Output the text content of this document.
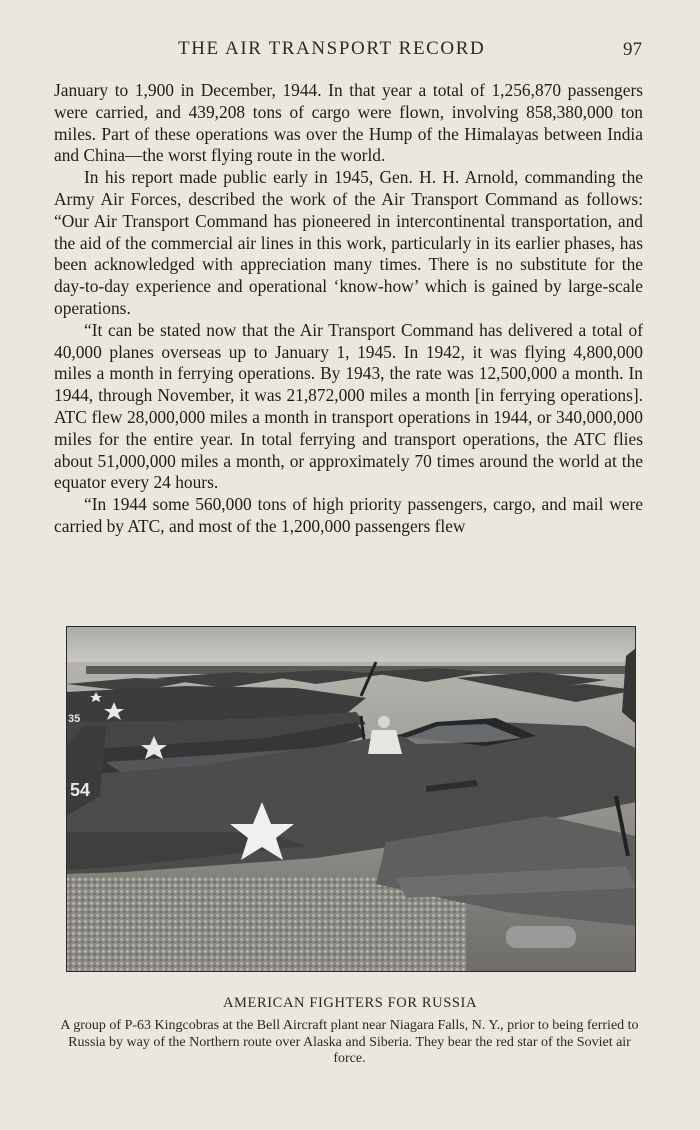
THE AIR TRANSPORT RECORD	97

January to 1,900 in December, 1944. In that year a total of 1,256,870 passengers were carried, and 439,208 tons of cargo were flown, involving 858,380,000 ton miles. Part of these operations was over the Hump of the Himalayas between India and China—the worst flying route in the world.

In his report made public early in 1945, Gen. H. H. Arnold, commanding the Army Air Forces, described the work of the Air Transport Command as follows: “Our Air Transport Command has pioneered in intercontinental transportation, and the aid of the commercial air lines in this work, particularly in its earlier phases, has been acknowledged with appreciation many times. There is no substitute for the day-to-day experience and operational ‘know-how’ which is gained by large-scale operations.

“It can be stated now that the Air Transport Command has delivered a total of 40,000 planes overseas up to January 1, 1945. In 1942, it was flying 4,800,000 miles a month in ferrying operations. By 1943, the rate was 12,500,000 a month. In 1944, through November, it was 21,872,000 miles a month [in ferrying operations]. ATC flew 28,000,000 miles a month in transport operations in 1944, or 340,000,000 miles for the entire year. In total ferrying and transport operations, the ATC flies about 51,000,000 miles a month, or approximately 70 times around the world at the equator every 24 hours.

“In 1944 some 560,000 tons of high priority passengers, cargo, and mail were carried by ATC, and most of the 1,200,000 passengers flew

35
54
AMERICAN FIGHTERS FOR RUSSIA
A group of P-63 Kingcobras at the Bell Aircraft plant near Niagara Falls, N. Y., prior to being ferried to Russia by way of the Northern route over Alaska and Siberia. They bear the red star of the Soviet air force.
